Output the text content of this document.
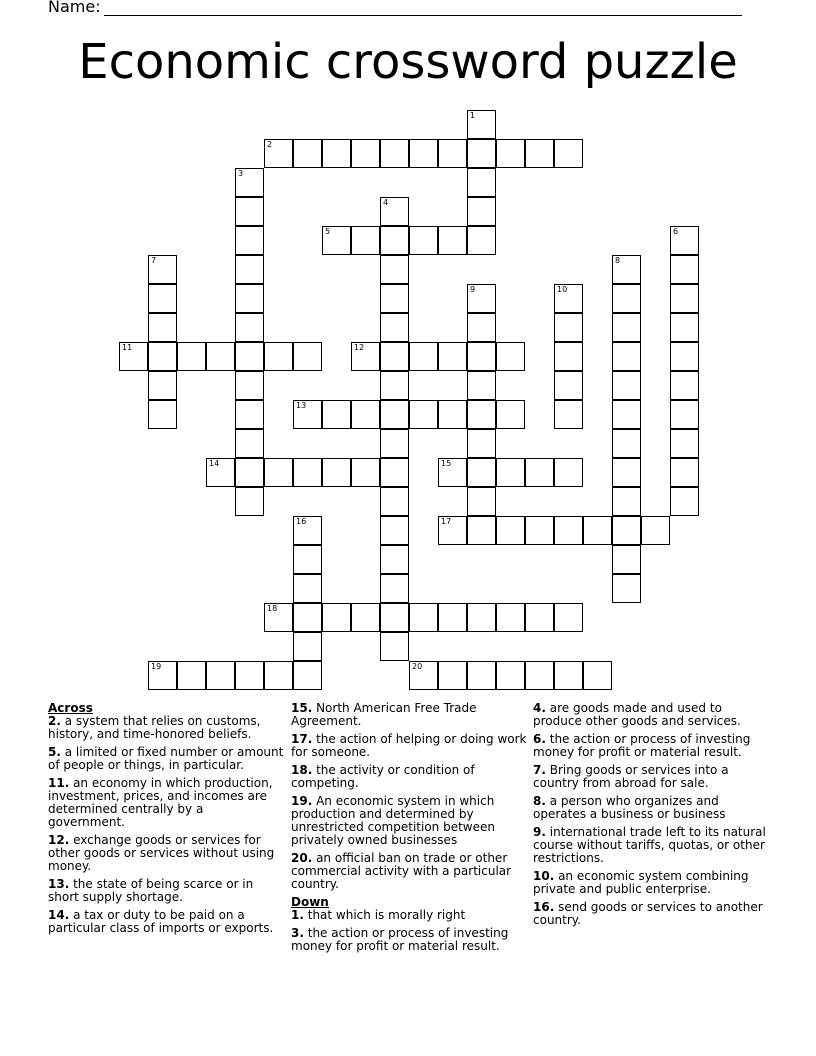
Name:
Economic crossword puzzle
1
2
3
4
5	6
7	8
9	10
11	12
13
14	15
16	17
18
19	20
Across
2. a system that relies on customs, history, and time-honored beliefs.
5. a limited or fixed number or amount of people or things, in particular.
11. an economy in which production, investment, prices, and incomes are determined centrally by a government.
12. exchange goods or services for other goods or services without using money.
13. the state of being scarce or in short supply shortage.
14. a tax or duty to be paid on a particular class of imports or exports.
15. North American Free Trade Agreement.
17. the action of helping or doing work for someone.
18. the activity or condition of competing.
19. An economic system in which production and determined by unrestricted competition between privately owned businesses
20. an official ban on trade or other commercial activity with a particular country.
Down
1. that which is morally right
3. the action or process of investing money for profit or material result.
4. are goods made and used to produce other goods and services.
6. the action or process of investing money for profit or material result.
7. Bring goods or services into a country from abroad for sale.
8. a person who organizes and operates a business or business
9. international trade left to its natural course without tariffs, quotas, or other restrictions.
10. an economic system combining private and public enterprise.
16. send goods or services to another country.
